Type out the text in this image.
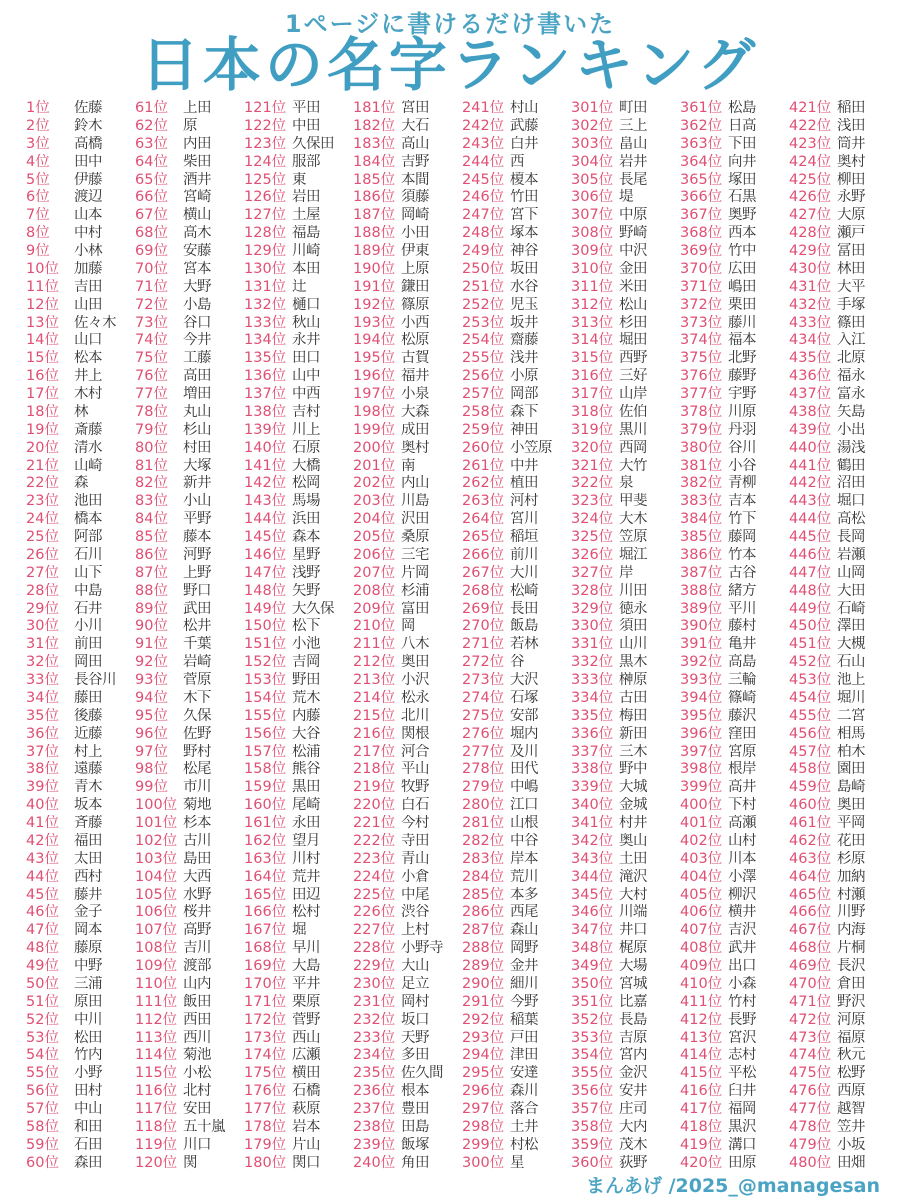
1ページに書けるだけ書いた
日本の名字ランキング
1位	佐藤
2位	鈴木
3位	高橋
4位	田中
5位	伊藤
6位	渡辺
7位	山本
8位	中村
9位	小林
10位	加藤
11位	吉田
12位	山田
13位	佐々木
14位	山口
15位	松本
16位	井上
17位	木村
18位	林
19位	斎藤
20位	清水
21位	山崎
22位	森
23位	池田
24位	橋本
25位	阿部
26位	石川
27位	山下
28位	中島
29位	石井
30位	小川
31位	前田
32位	岡田
33位	長谷川
34位	藤田
35位	後藤
36位	近藤
37位	村上
38位	遠藤
39位	青木
40位	坂本
41位	斉藤
42位	福田
43位	太田
44位	西村
45位	藤井
46位	金子
47位	岡本
48位	藤原
49位	中野
50位	三浦
51位	原田
52位	中川
53位	松田
54位	竹内
55位	小野
56位	田村
57位	中山
58位	和田
59位	石田
60位	森田
61位	上田
62位	原
63位	内田
64位	柴田
65位	酒井
66位	宮崎
67位	横山
68位	高木
69位	安藤
70位	宮本
71位	大野
72位	小島
73位	谷口
74位	今井
75位	工藤
76位	高田
77位	増田
78位	丸山
79位	杉山
80位	村田
81位	大塚
82位	新井
83位	小山
84位	平野
85位	藤本
86位	河野
87位	上野
88位	野口
89位	武田
90位	松井
91位	千葉
92位	岩崎
93位	菅原
94位	木下
95位	久保
96位	佐野
97位	野村
98位	松尾
99位	市川
100位 菊地
101位 杉本
102位 古川
103位 島田
104位 大西
105位 水野
106位 桜井
107位 高野
108位 吉川
109位 渡部
110位 山内
111位 飯田
112位 西田
113位 西川
114位 菊池
115位 小松
116位 北村
117位 安田
118位 五十嵐
119位 川口
120位 関
121位 平田
122位 中田
123位 久保田
124位 服部
125位 東
126位 岩田
127位 土屋
128位 福島
129位 川崎
130位 本田
131位 辻
132位 樋口
133位 秋山
134位 永井
135位 田口
136位 山中
137位 中西
138位 吉村
139位 川上
140位 石原
141位 大橋
142位 松岡
143位 馬場
144位 浜田
145位 森本
146位 星野
147位 浅野
148位 矢野
149位 大久保
150位 松下
151位 小池
152位 吉岡
153位 野田
154位 荒木
155位 内藤
156位 大谷
157位 松浦
158位 熊谷
159位 黒田
160位 尾崎
161位 永田
162位 望月
163位 川村
164位 荒井
165位 田辺
166位 松村
167位 堀
168位 早川
169位 大島
170位 平井
171位 栗原
172位 菅野
173位 西山
174位 広瀬
175位 横田
176位 石橋
177位 萩原
178位 岩本
179位 片山
180位 関口
181位 宮田
182位 大石
183位 高山
184位 吉野
185位 本間
186位 須藤
187位 岡崎
188位 小田
189位 伊東
190位 上原
191位 鎌田
192位 篠原
193位 小西
194位 松原
195位 古賀
196位 福井
197位 小泉
198位 大森
199位 成田
200位 奥村
201位 南
202位 内山
203位 川島
204位 沢田
205位 桑原
206位 三宅
207位 片岡
208位 杉浦
209位 富田
210位 岡
211位 八木
212位 奥田
213位 小沢
214位 松永
215位 北川
216位 関根
217位 河合
218位 平山
219位 牧野
220位 白石
221位 今村
222位 寺田
223位 青山
224位 小倉
225位 中尾
226位 渋谷
227位 上村
228位 小野寺
229位 大山
230位 足立
231位 岡村
232位 坂口
233位 天野
234位 多田
235位 佐久間
236位 根本
237位 豊田
238位 田島
239位 飯塚
240位 角田
241位 村山
242位 武藤
243位 白井
244位 西
245位 榎本
246位 竹田
247位 宮下
248位 塚本
249位 神谷
250位 坂田
251位 水谷
252位 児玉
253位 坂井
254位 齋藤
255位 浅井
256位 小原
257位 岡部
258位 森下
259位 神田
260位 小笠原
261位 中井
262位 植田
263位 河村
264位 宮川
265位 稲垣
266位 前川
267位 大川
268位 松崎
269位 長田
270位 飯島
271位 若林
272位 谷
273位 大沢
274位 石塚
275位 安部
276位 堀内
277位 及川
278位 田代
279位 中嶋
280位 江口
281位 山根
282位 中谷
283位 岸本
284位 荒川
285位 本多
286位 西尾
287位 森山
288位 岡野
289位 金井
290位 細川
291位 今野
292位 稲葉
293位 戸田
294位 津田
295位 安達
296位 森川
297位 落合
298位 土井
299位 村松
300位 星
301位 町田
302位 三上
303位 畠山
304位 岩井
305位 長尾
306位 堤
307位 中原
308位 野崎
309位 中沢
310位 金田
311位 米田
312位 松山
313位 杉田
314位 堀田
315位 西野
316位 三好
317位 山岸
318位 佐伯
319位 黒川
320位 西岡
321位 大竹
322位 泉
323位 甲斐
324位 大木
325位 笠原
326位 堀江
327位 岸
328位 川田
329位 徳永
330位 須田
331位 山川
332位 黒木
333位 榊原
334位 古田
335位 梅田
336位 新田
337位 三木
338位 野中
339位 大城
340位 金城
341位 村井
342位 奥山
343位 土田
344位 滝沢
345位 大村
346位 川端
347位 井口
348位 梶原
349位 大場
350位 宮城
351位 比嘉
352位 長島
353位 吉原
354位 宮内
355位 金沢
356位 安井
357位 庄司
358位 大内
359位 茂木
360位 荻野
361位 松島
362位 日高
363位 下田
364位 向井
365位 塚田
366位 石黒
367位 奥野
368位 西本
369位 竹中
370位 広田
371位 嶋田
372位 栗田
373位 藤川
374位 福本
375位 北野
376位 藤野
377位 宇野
378位 川原
379位 丹羽
380位 谷川
381位 小谷
382位 青柳
383位 吉本
384位 竹下
385位 藤岡
386位 竹本
387位 古谷
388位 緒方
389位 平川
390位 藤村
391位 亀井
392位 高島
393位 三輪
394位 篠崎
395位 藤沢
396位 窪田
397位 宮原
398位 根岸
399位 高井
400位 下村
401位 高瀬
402位 山村
403位 川本
404位 小澤
405位 柳沢
406位 横井
407位 吉沢
408位 武井
409位 出口
410位 小森
411位 竹村
412位 長野
413位 宮沢
414位 志村
415位 平松
416位 臼井
417位 福岡
418位 黒沢
419位 溝口
420位 田原
421位 稲田
422位 浅田
423位 筒井
424位 奥村
425位 柳田
426位 永野
427位 大原
428位 瀬戸
429位 冨田
430位 林田
431位 大平
432位 手塚
433位 篠田
434位 入江
435位 北原
436位 福永
437位 富永
438位 矢島
439位 小出
440位 湯浅
441位 鶴田
442位 沼田
443位 堀口
444位 高松
445位 長岡
446位 岩瀬
447位 山岡
448位 大田
449位 石崎
450位 澤田
451位 大槻
452位 石山
453位 池上
454位 堀川
455位 二宮
456位 相馬
457位 柏木
458位 園田
459位 島崎
460位 奥田
461位 平岡
462位 花田
463位 杉原
464位 加納
465位 村瀬
466位 川野
467位 内海
468位 片桐
469位 長沢
470位 倉田
471位 野沢
472位 河原
473位 福原
474位 秋元
475位 松野
476位 西原
477位 越智
478位 笠井
479位 小坂
480位 田畑
まんあげ /2025_@managesan
